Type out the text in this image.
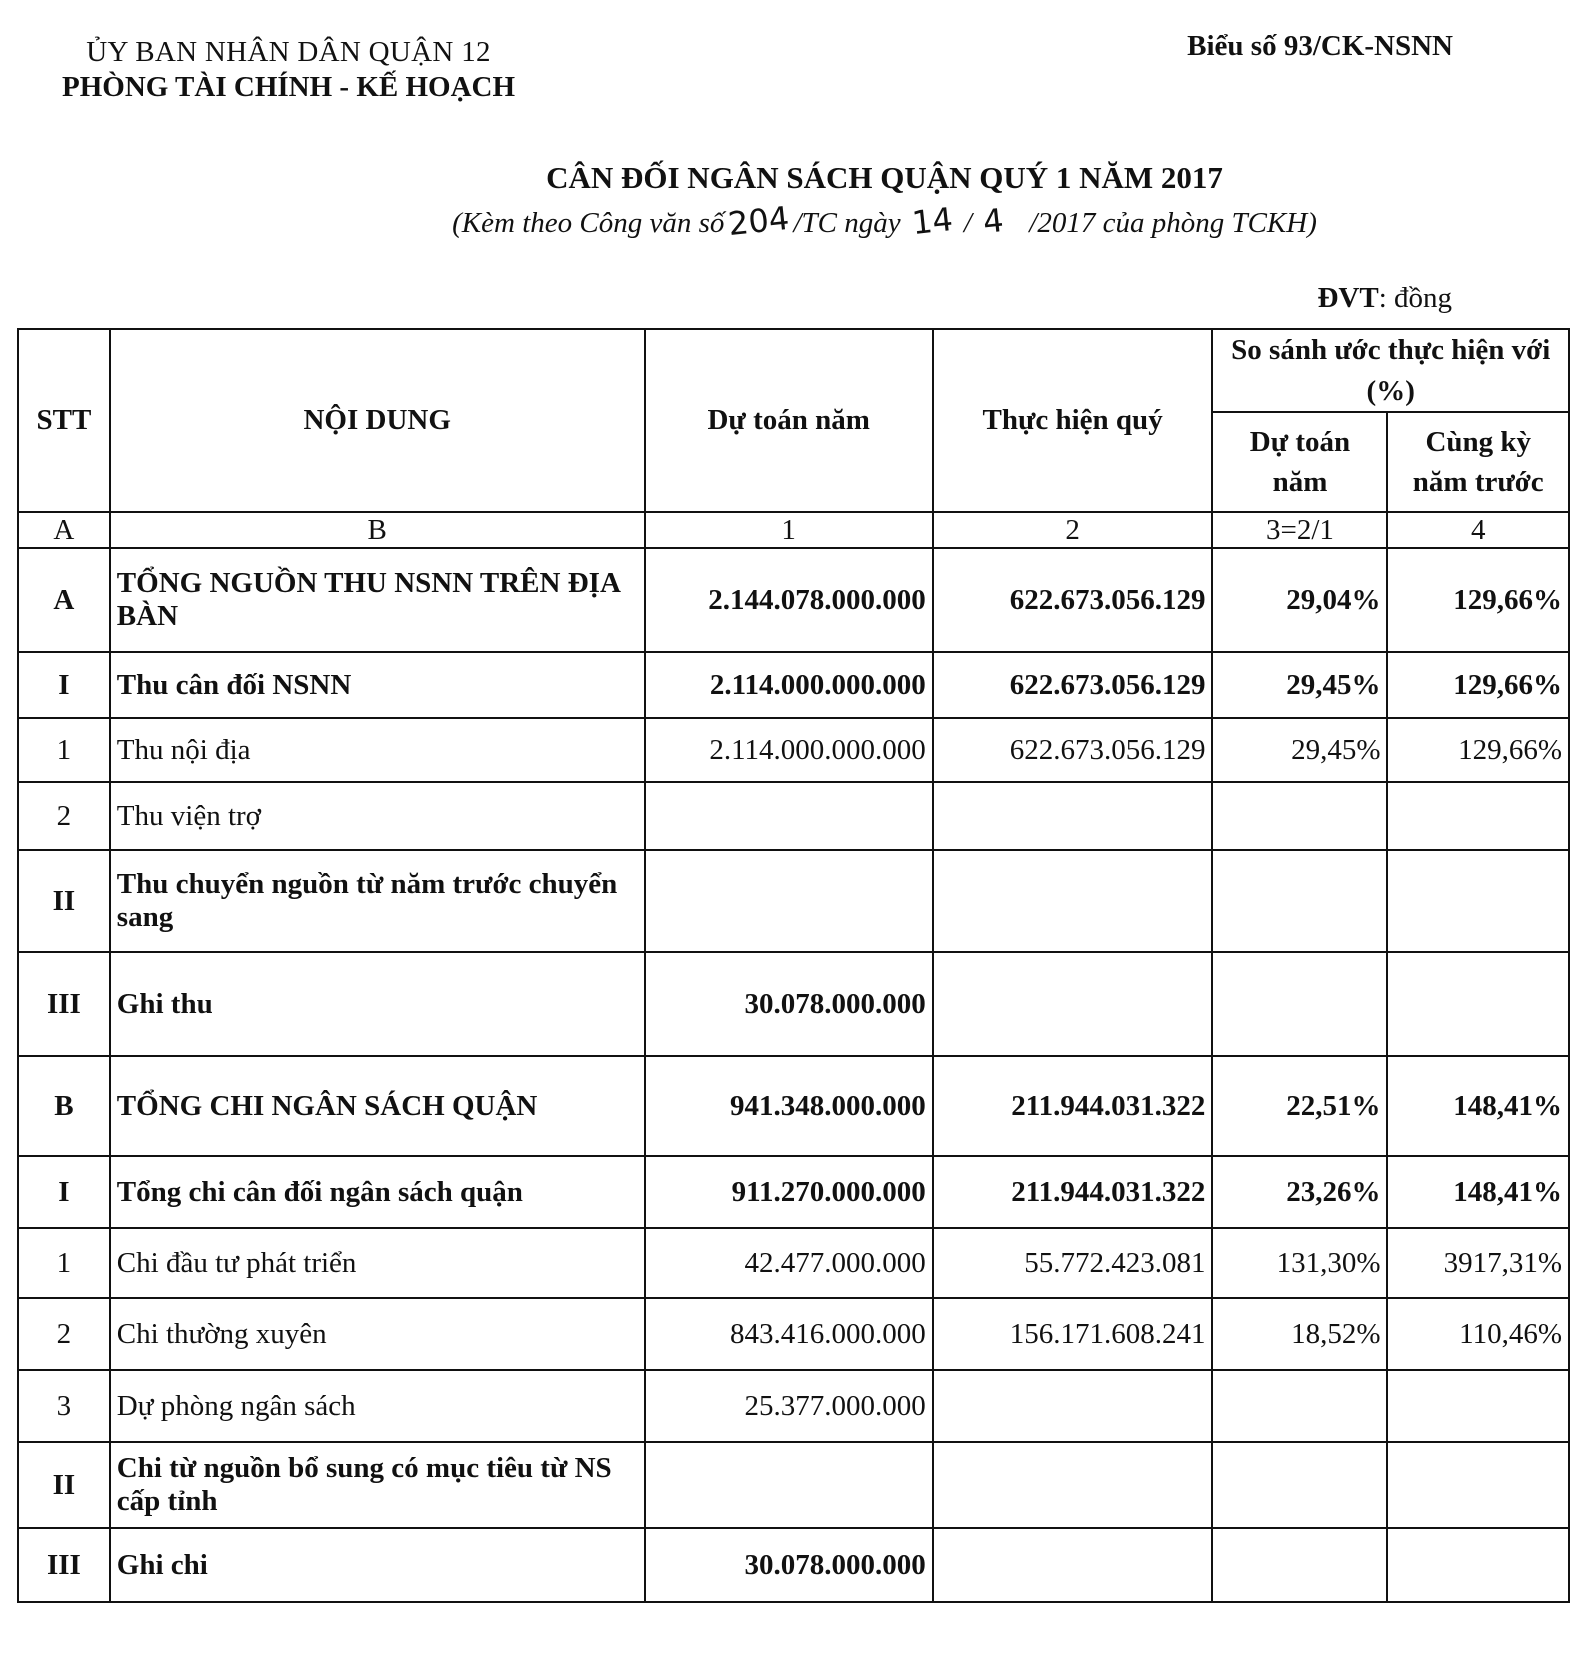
ỦY BAN NHÂN DÂN QUẬN 12
PHÒNG TÀI CHÍNH - KẾ HOẠCH
Biểu số 93/CK-NSNN
CÂN ĐỐI NGÂN SÁCH QUẬN QUÝ 1 NĂM 2017
(Kèm theo Công văn số204/TC ngày 14 / 4 /2017 của phòng TCKH)
ĐVT: đồng
STT	NỘI DUNG	Dự toán năm	Thực hiện quý	So sánh ước thực hiện với (%)	
				Dự toán năm	Cùng kỳ năm trước
A	B	1	2	3=2/1	4
A	TỔNG NGUỒN THU NSNN TRÊN ĐỊA BÀN	2.144.078.000.000	622.673.056.129	29,04%	129,66%
I	Thu cân đối NSNN	2.114.000.000.000	622.673.056.129	29,45%	129,66%
1	Thu nội địa	2.114.000.000.000	622.673.056.129	29,45%	129,66%
2	Thu viện trợ				
II	Thu chuyển nguồn từ năm trước chuyển sang				
III	Ghi thu	30.078.000.000			
B	TỔNG CHI NGÂN SÁCH QUẬN	941.348.000.000	211.944.031.322	22,51%	148,41%
I	Tổng chi cân đối ngân sách quận	911.270.000.000	211.944.031.322	23,26%	148,41%
1	Chi đầu tư phát triển	42.477.000.000	55.772.423.081	131,30%	3917,31%
2	Chi thường xuyên	843.416.000.000	156.171.608.241	18,52%	110,46%
3	Dự phòng ngân sách	25.377.000.000			
II	Chi từ nguồn bổ sung có mục tiêu từ NS cấp tỉnh				
III	Ghi chi	30.078.000.000			
